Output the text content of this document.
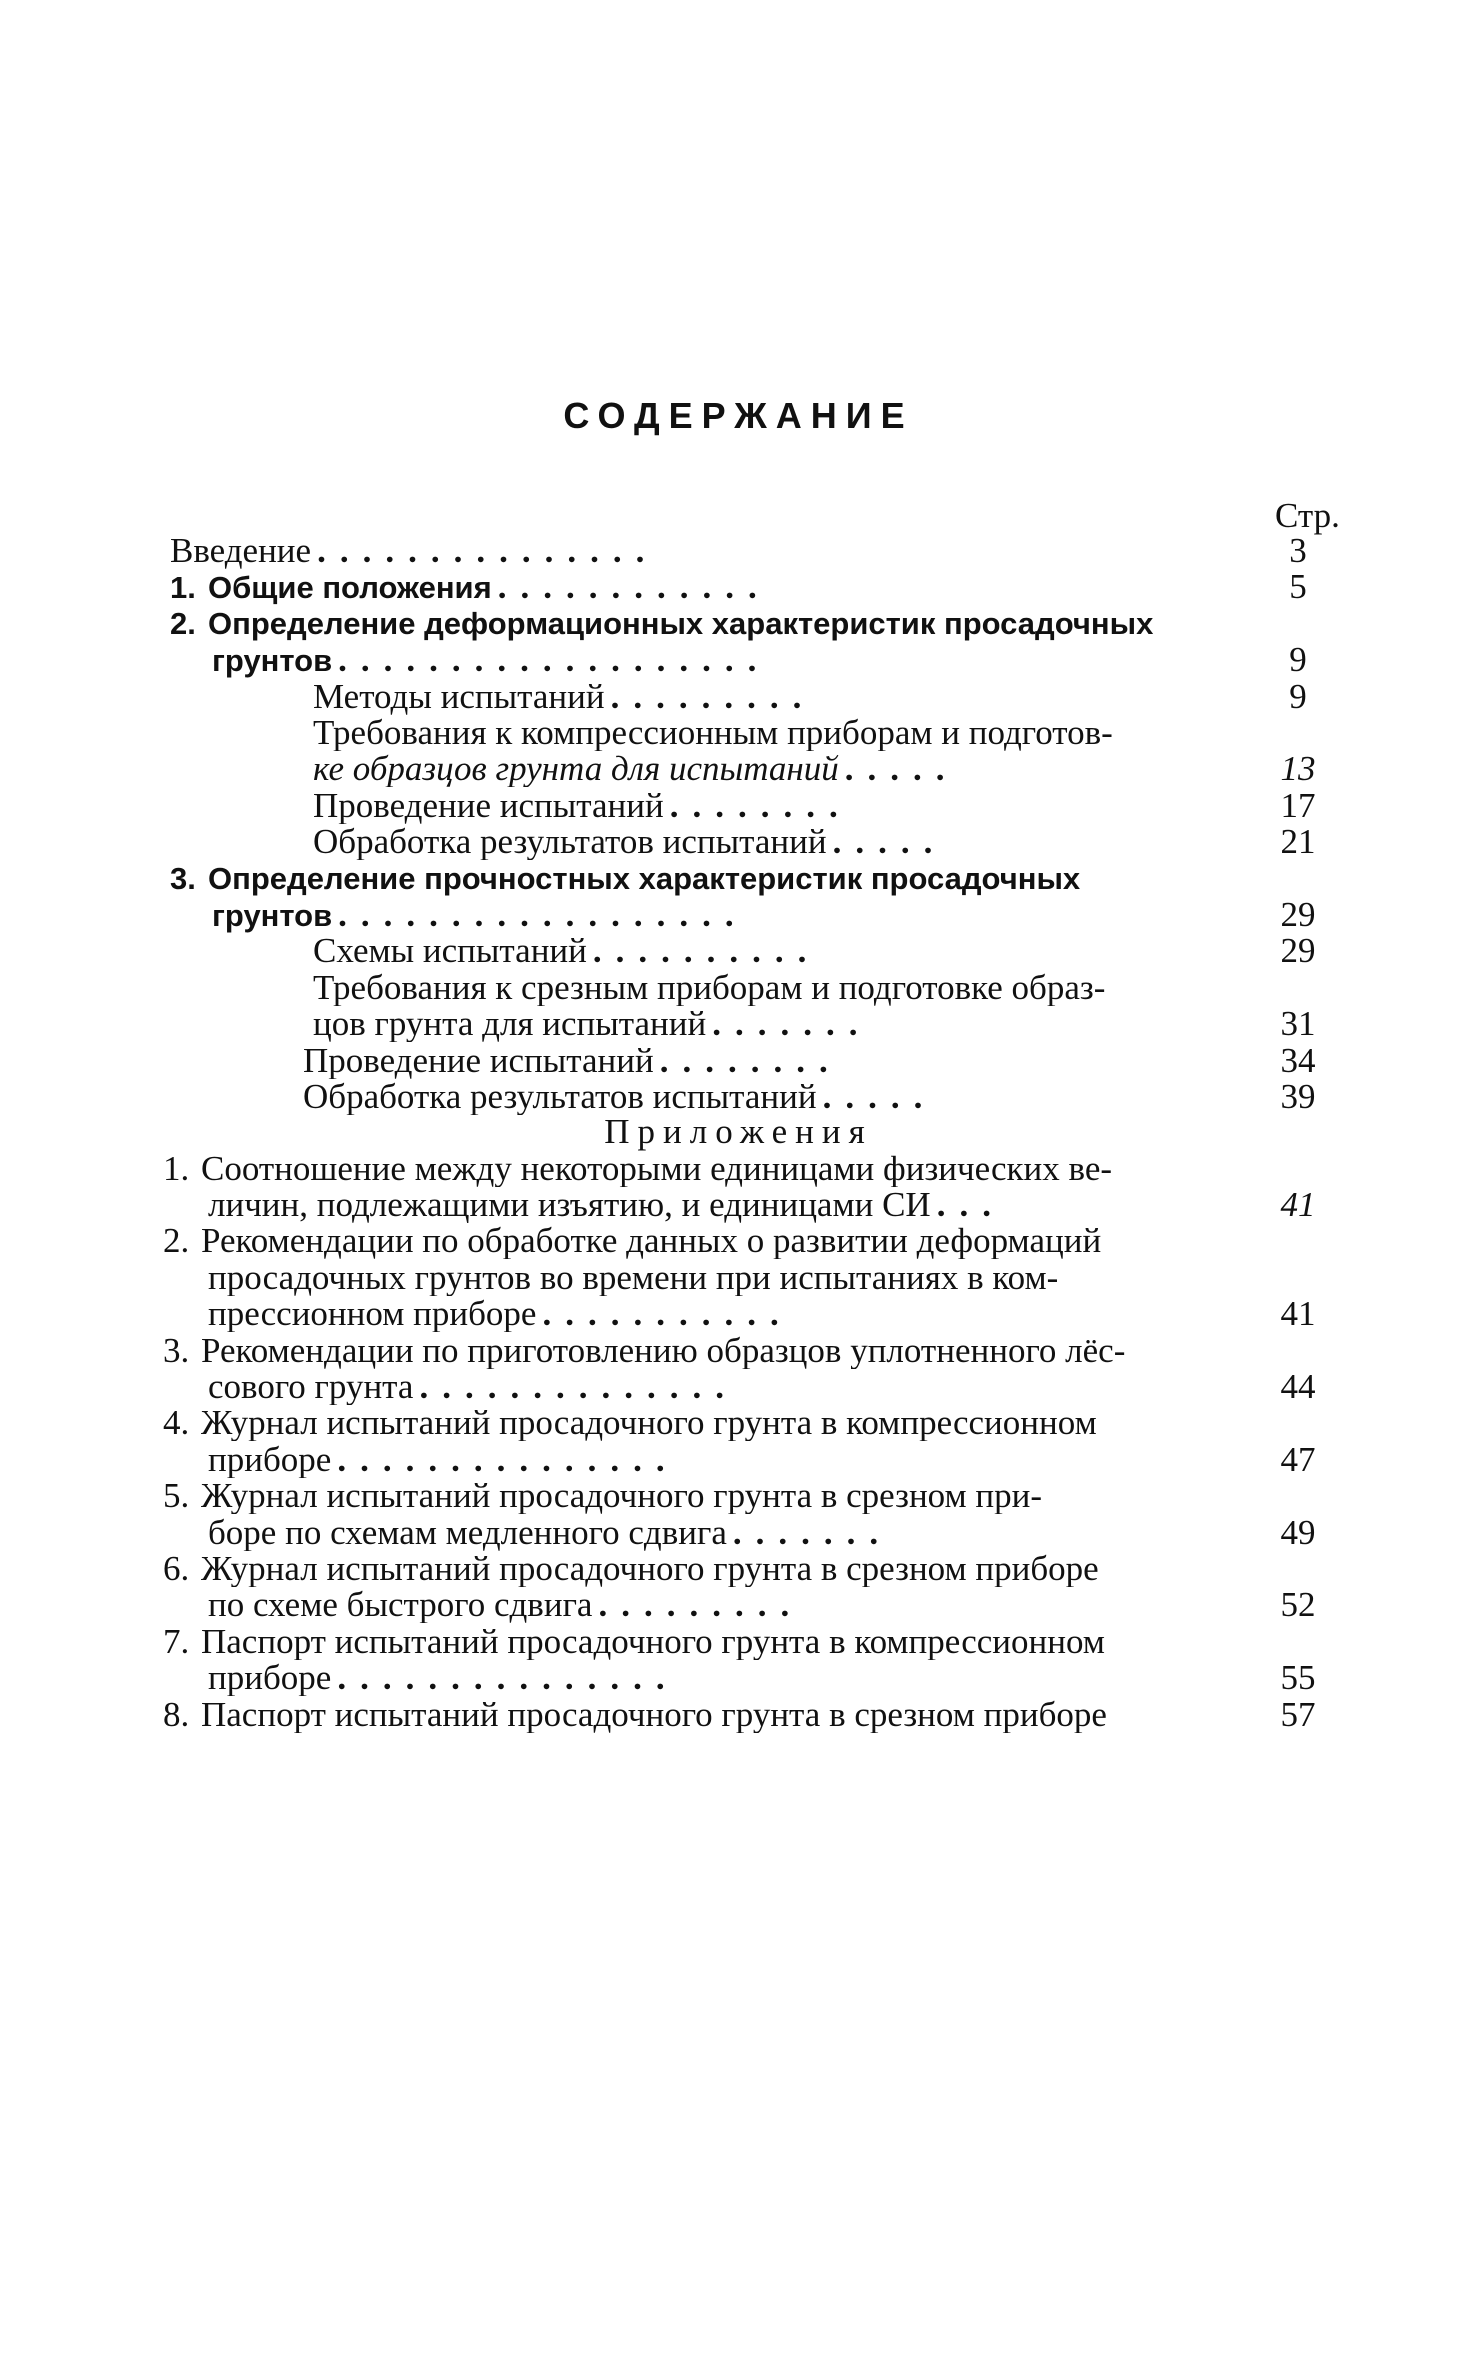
СОДЕРЖАНИЕ
Стр.
Введение ...............	3
1. Общие положения ............	5
2. Определение деформационных характеристик просадочных
грунтов ...................	9
Методы испытаний .........	9
Требования к компрессионным приборам и подготов-
ке образцов грунта для испытаний .....	13
Проведение испытаний ........	17
Обработка результатов испытаний .....	21
3. Определение прочностных характеристик просадочных
грунтов ..................	29
Схемы испытаний ..........	29
Требования к срезным приборам и подготовке образ-
цов грунта для испытаний .......	31
Проведение испытаний ........	34
Обработка результатов испытаний .....	39
Приложения
1. Соотношение между некоторыми единицами физических ве-
личин, подлежащими изъятию, и единицами СИ ...	41
2. Рекомендации по обработке данных о развитии деформаций
просадочных грунтов во времени при испытаниях в ком-
прессионном приборе ...........	41
3. Рекомендации по приготовлению образцов уплотненного лёс-
сового грунта ..............	44
4. Журнал испытаний просадочного грунта в компрессионном
приборе ...............	47
5. Журнал испытаний просадочного грунта в срезном при-
боре по схемам медленного сдвига .......	49
6. Журнал испытаний просадочного грунта в срезном приборе
по схеме быстрого сдвига .........	52
7. Паспорт испытаний просадочного грунта в компрессионном
приборе ...............	55
8. Паспорт испытаний просадочного грунта в срезном приборе	57
